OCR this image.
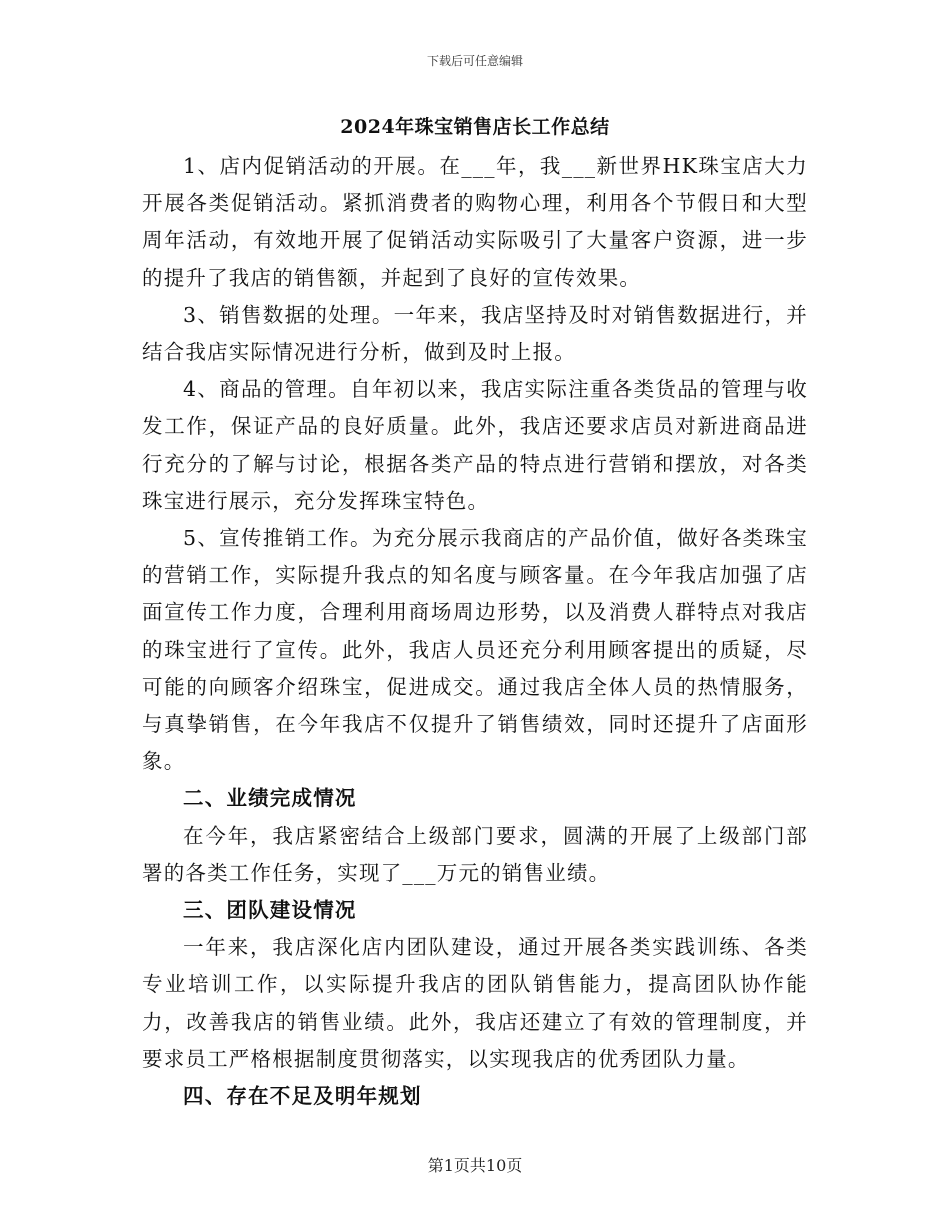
下载后可任意编辑
2024年珠宝销售店长工作总结

1、店内促销活动的开展。在___年，我___新世界HK珠宝店大力开展各类促销活动。紧抓消费者的购物心理，利用各个节假日和大型周年活动，有效地开展了促销活动实际吸引了大量客户资源，进一步的提升了我店的销售额，并起到了良好的宣传效果。

3、销售数据的处理。一年来，我店坚持及时对销售数据进行，并结合我店实际情况进行分析，做到及时上报。

4、商品的管理。自年初以来，我店实际注重各类货品的管理与收发工作，保证产品的良好质量。此外，我店还要求店员对新进商品进行充分的了解与讨论，根据各类产品的特点进行营销和摆放，对各类珠宝进行展示，充分发挥珠宝特色。

5、宣传推销工作。为充分展示我商店的产品价值，做好各类珠宝的营销工作，实际提升我点的知名度与顾客量。在今年我店加强了店面宣传工作力度，合理利用商场周边形势，以及消费人群特点对我店的珠宝进行了宣传。此外，我店人员还充分利用顾客提出的质疑，尽可能的向顾客介绍珠宝，促进成交。通过我店全体人员的热情服务，与真挚销售，在今年我店不仅提升了销售绩效，同时还提升了店面形象。

二、业绩完成情况

在今年，我店紧密结合上级部门要求，圆满的开展了上级部门部署的各类工作任务，实现了___万元的销售业绩。

三、团队建设情况

一年来，我店深化店内团队建设，通过开展各类实践训练、各类专业培训工作，以实际提升我店的团队销售能力，提高团队协作能力，改善我店的销售业绩。此外，我店还建立了有效的管理制度，并要求员工严格根据制度贯彻落实，以实现我店的优秀团队力量。

四、存在不足及明年规划

第1页共10页
